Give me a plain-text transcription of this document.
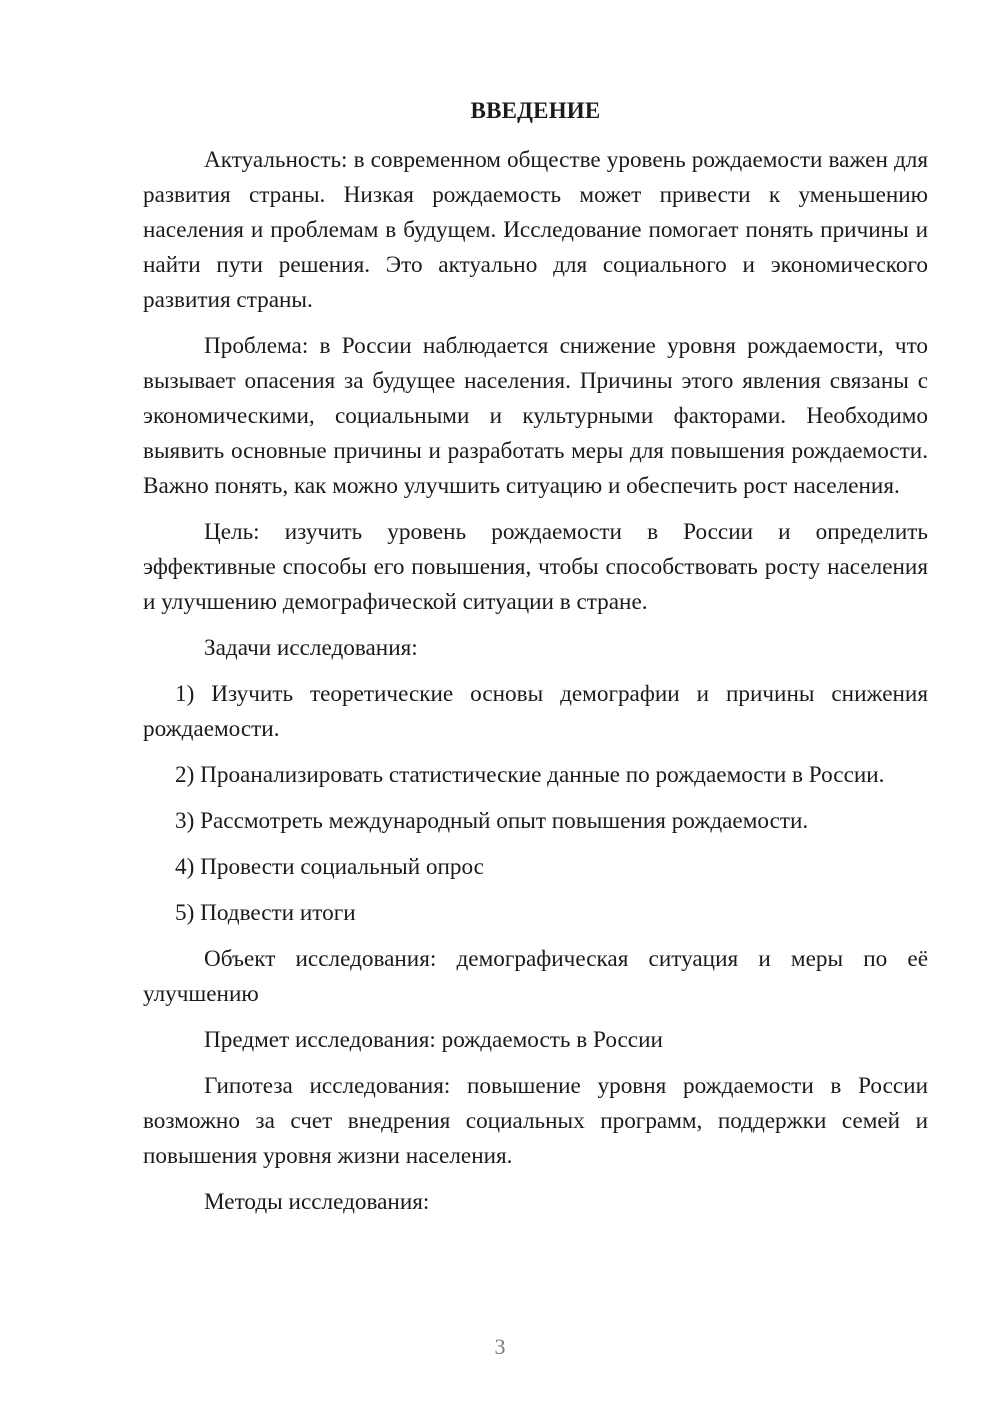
ВВЕДЕНИЕ

Актуальность: в современном обществе уровень рождаемости важен для развития страны. Низкая рождаемость может привести к уменьшению населения и проблемам в будущем. Исследование помогает понять причины и найти пути решения. Это актуально для социального и экономического развития страны.

Проблема: в России наблюдается снижение уровня рождаемости, что вызывает опасения за будущее населения. Причины этого явления связаны с экономическими, социальными и культурными факторами. Необходимо выявить основные причины и разработать меры для повышения рождаемости. Важно понять, как можно улучшить ситуацию и обеспечить рост населения.

Цель: изучить уровень рождаемости в России и определить эффективные способы его повышения, чтобы способствовать росту населения и улучшению демографической ситуации в стране.

Задачи исследования:

1) Изучить теоретические основы демографии и причины снижения рождаемости.

2) Проанализировать статистические данные по рождаемости в России.

3) Рассмотреть международный опыт повышения рождаемости.

4) Провести социальный опрос

5) Подвести итоги

Объект исследования: демографическая ситуация и меры по её улучшению

Предмет исследования: рождаемость в России

Гипотеза исследования: повышение уровня рождаемости в России возможно за счет внедрения социальных программ, поддержки семей и повышения уровня жизни населения.

Методы исследования:

3
